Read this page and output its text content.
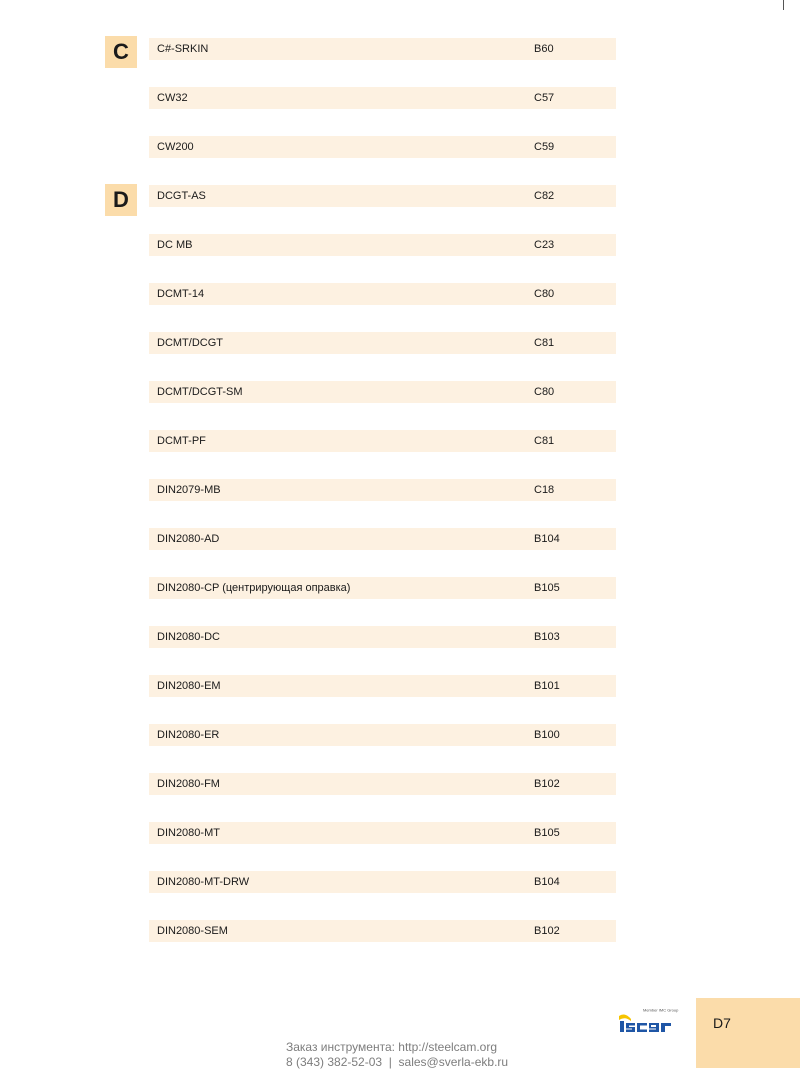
C
D
C#-SRKIN	B60
CW32	C57
CW200	C59
DCGT-AS	C82
DC MB	C23
DCMT-14	C80
DCMT/DCGT	C81
DCMT/DCGT-SM	C80
DCMT-PF	C81
DIN2079-MB	C18
DIN2080-AD	B104
DIN2080-CP (центрирующая оправка)	B105
DIN2080-DC	B103
DIN2080-EM	B101
DIN2080-ER	B100
DIN2080-FM	B102
DIN2080-MT	B105
DIN2080-MT-DRW	B104
DIN2080-SEM	B102
D7
Member IMC Group
Заказ инструмента: http://steelcam.org
8 (343) 382-52-03  |  sales@sverla-ekb.ru
